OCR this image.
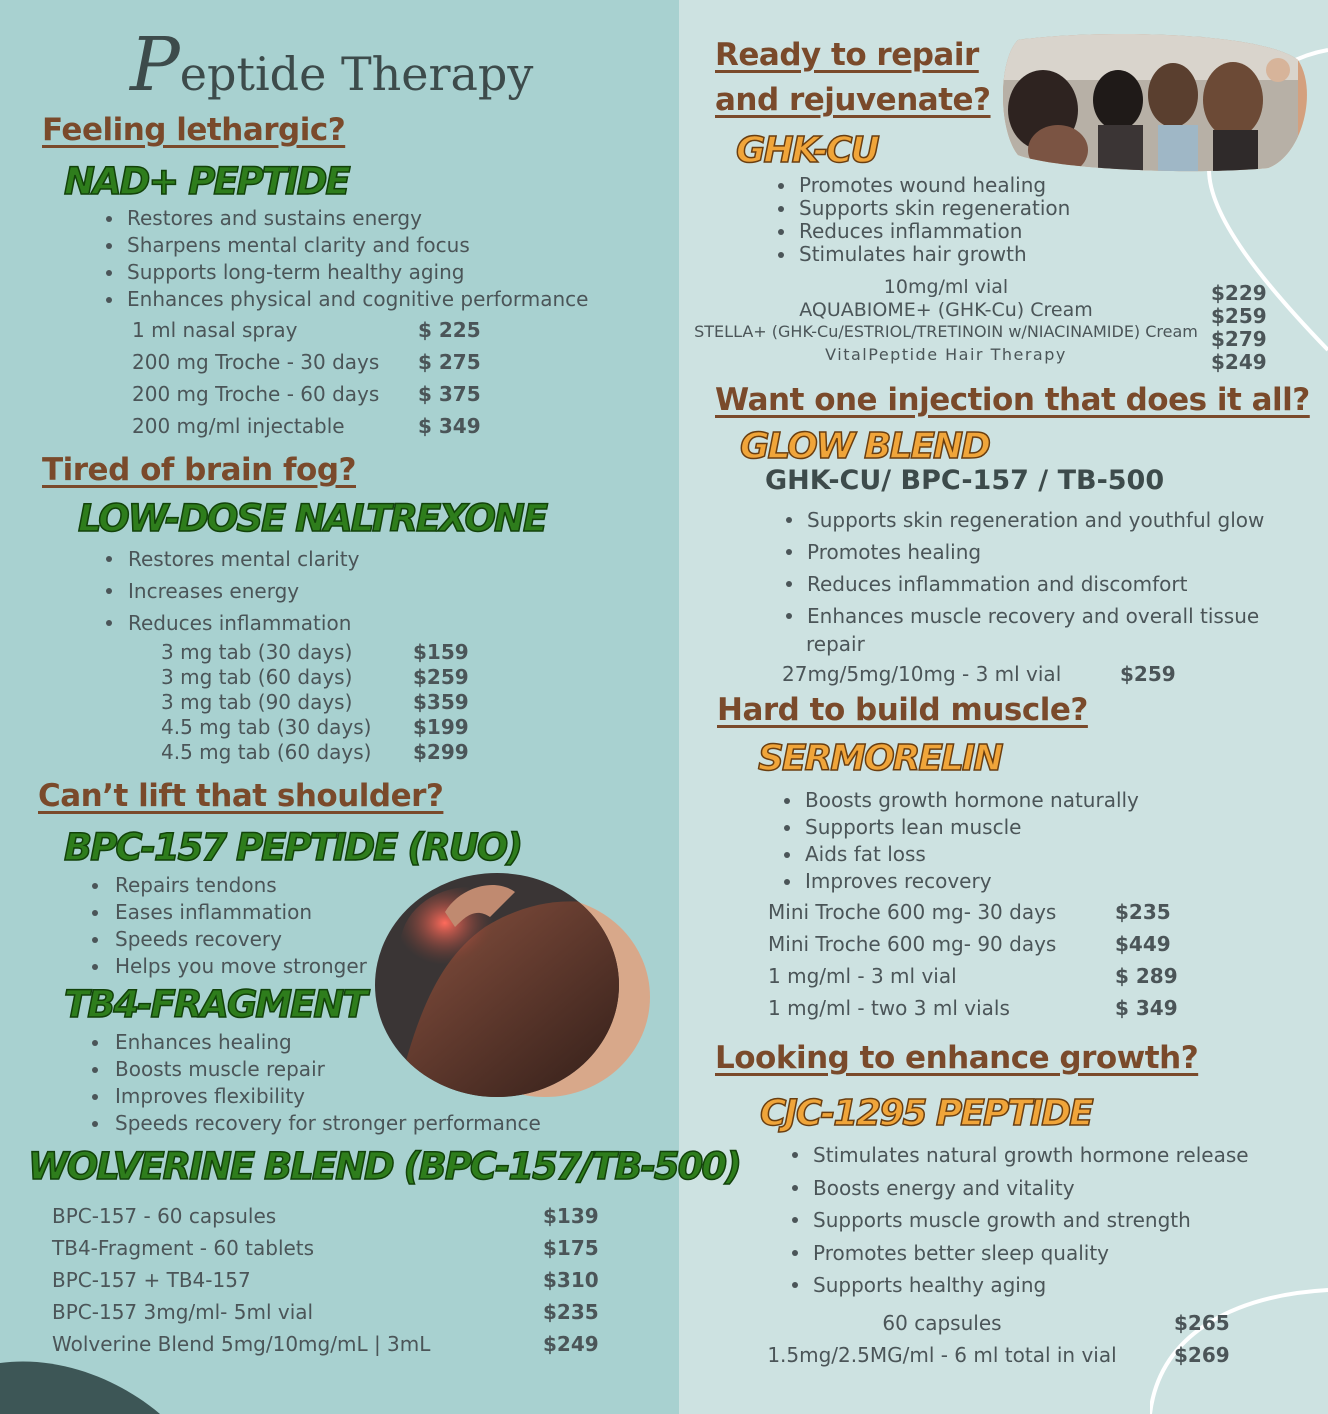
Peptide Therapy
Feeling lethargic?
NAD+ PEPTIDE
Restores and sustains energy
Sharpens mental clarity and focus
Supports long-term healthy aging
Enhances physical and cognitive performance
1 ml nasal spray	$ 225
200 mg Troche - 30 days $ 275
200 mg Troche - 60 days $ 375
200 mg/ml injectable	$ 349
Tired of brain fog?
LOW-DOSE NALTREXONE
Restores mental clarity
Increases energy
Reduces inflammation
3 mg tab (30 days)	$159
3 mg tab (60 days)	$259
3 mg tab (90 days)	$359
4.5 mg tab (30 days) $199
4.5 mg tab (60 days) $299
Can’t lift that shoulder?
BPC-157 PEPTIDE (RUO)
Repairs tendons
Eases inflammation
Speeds recovery
Helps you move stronger
TB4-FRAGMENT
Enhances healing
Boosts muscle repair
Improves flexibility
Speeds recovery for stronger performance
WOLVERINE BLEND (BPC-157/TB-500)
BPC-157 - 60 capsules	$139
TB4-Fragment - 60 tablets	$175
BPC-157 + TB4-157	$310
BPC-157 3mg/ml- 5ml vial	$235
Wolverine Blend 5mg/10mg/mL | 3mL	$249
Ready to repair
and rejuvenate?
GHK-CU
Promotes wound healing
Supports skin regeneration
Reduces inflammation
Stimulates hair growth
10mg/ml vial	$229
AQUABIOME+ (GHK-Cu) Cream	$259
STELLA+ (GHK-Cu/ESTRIOL/TRETINOIN w/NIACINAMIDE) Cream $279
VitalPeptide Hair Therapy	$249
Want one injection that does it all?
GLOW BLEND
GHK-CU/ BPC-157 / TB-500
Supports skin regeneration and youthful glow
Promotes healing
Reduces inflammation and discomfort
Enhances muscle recovery and overall tissue
repair
27mg/5mg/10mg - 3 ml vial	$259
Hard to build muscle?
SERMORELIN
Boosts growth hormone naturally
Supports lean muscle
Aids fat loss
Improves recovery
Mini Troche 600 mg- 30 days	$235
Mini Troche 600 mg- 90 days	$449
1 mg/ml - 3 ml vial	$ 289
1 mg/ml - two 3 ml vials	$ 349
Looking to enhance growth?
CJC-1295 PEPTIDE
Stimulates natural growth hormone release
Boosts energy and vitality
Supports muscle growth and strength
Promotes better sleep quality
Supports healthy aging
60 capsules	$265
1.5mg/2.5MG/ml - 6 ml total in vial	$269
